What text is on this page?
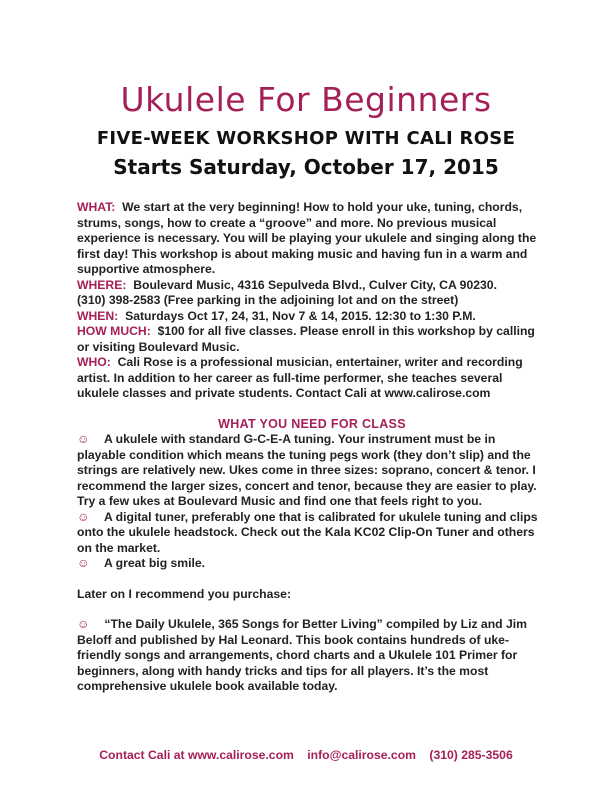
Ukulele For Beginners
FIVE-WEEK WORKSHOP WITH CALI ROSE
Starts Saturday, October 17, 2015

WHAT: We start at the very beginning! How to hold your uke, tuning, chords, strums, songs, how to create a “groove” and more. No previous musical experience is necessary. You will be playing your ukulele and singing along the first day! This workshop is about making music and having fun in a warm and supportive atmosphere.

WHERE: Boulevard Music, 4316 Sepulveda Blvd., Culver City, CA 90230.

(310) 398-2583 (Free parking in the adjoining lot and on the street)

WHEN: Saturdays Oct 17, 24, 31, Nov 7 & 14, 2015. 12:30 to 1:30 P.M.

HOW MUCH: $100 for all five classes. Please enroll in this workshop by calling or visiting Boulevard Music.

WHO: Cali Rose is a professional musician, entertainer, writer and recording artist. In addition to her career as full-time performer, she teaches several ukulele classes and private students. Contact Cali at www.calirose.com

WHAT YOU NEED FOR CLASS

☺ A ukulele with standard G-C-E-A tuning. Your instrument must be in playable condition which means the tuning pegs work (they don’t slip) and the strings are relatively new. Ukes come in three sizes: soprano, concert & tenor. I recommend the larger sizes, concert and tenor, because they are easier to play. Try a few ukes at Boulevard Music and find one that feels right to you.

☺ A digital tuner, preferably one that is calibrated for ukulele tuning and clips onto the ukulele headstock. Check out the Kala KC02 Clip-On Tuner and others on the market.

☺ A great big smile.

Later on I recommend you purchase:

☺ “The Daily Ukulele, 365 Songs for Better Living” compiled by Liz and Jim Beloff and published by Hal Leonard. This book contains hundreds of uke-friendly songs and arrangements, chord charts and a Ukulele 101 Primer for beginners, along with handy tricks and tips for all players. It’s the most comprehensive ukulele book available today.

Contact Cali at www.calirose.com info@calirose.com (310) 285-3506
